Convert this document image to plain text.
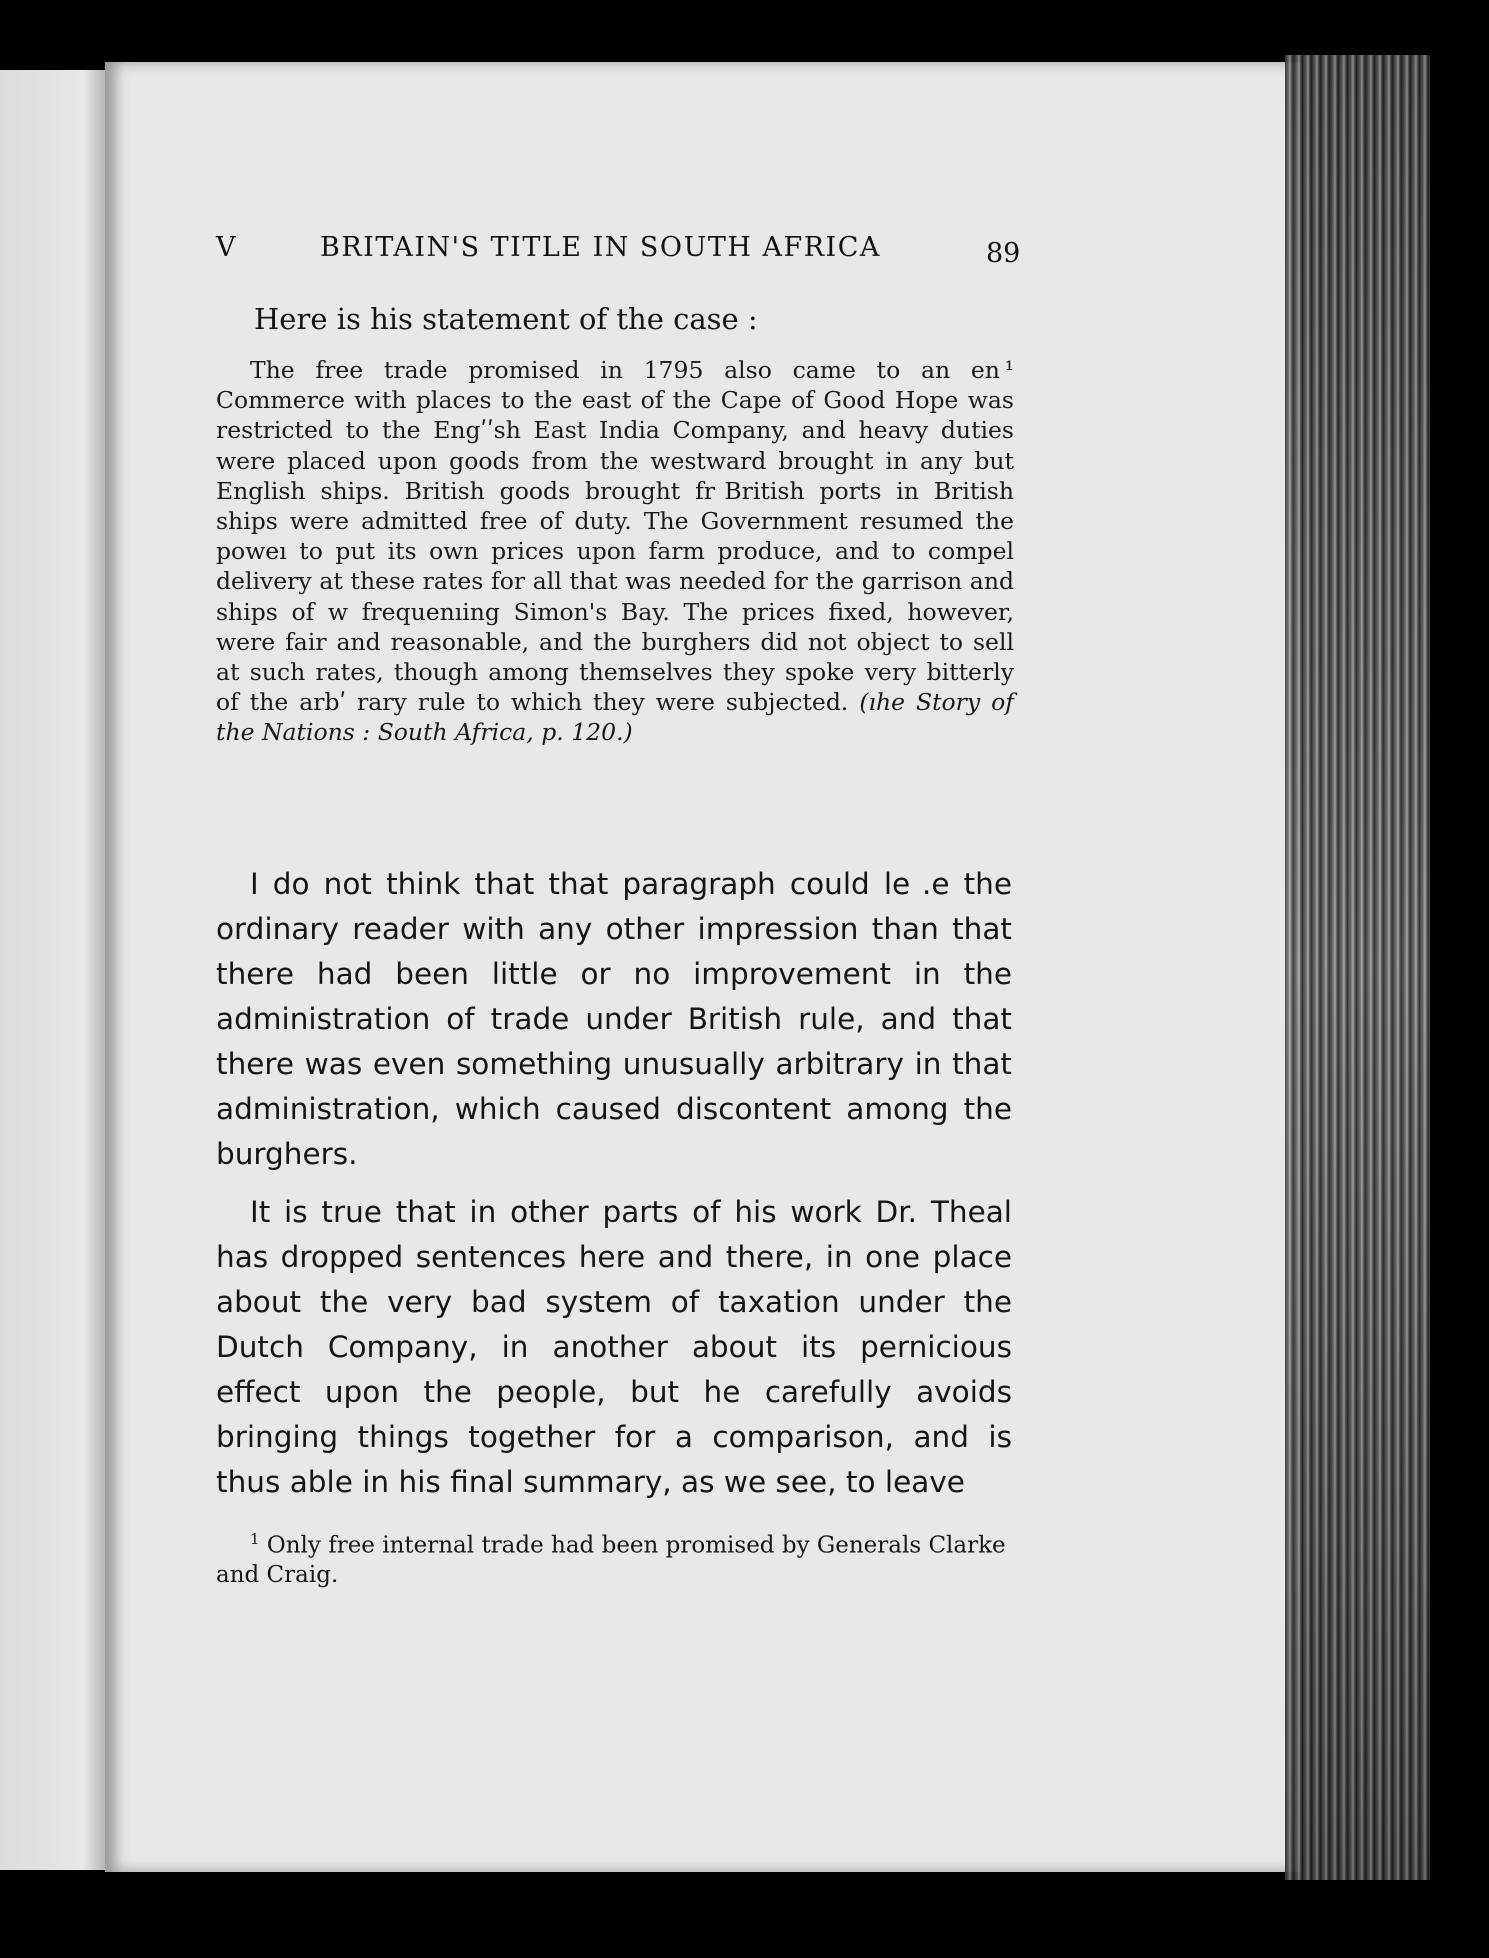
V	BRITAIN'S TITLE IN SOUTH AFRICA	89
Here is his statement of the case :
The free trade promised in 1795 also came to an en ¹ Commerce with places to the east of the Cape of Good Hope was restricted to the Engʹʹsh East India Company, and heavy duties were placed upon goods from the westward brought in any but English ships. British goods brought fr  British ports in British ships were admitted free of duty. The Government resumed the poweı to put its own prices upon farm produce, and to compel delivery at these rates for all that was needed for the garrison and ships of w frequenıing Simon's Bay. The prices fixed, however, were fair and reasonable, and the burghers did not object to sell at such rates, though among themselves they spoke very bitterly of the arbʹ rary rule to which they were subjected. (ıhe Story of the Nations : South Africa, p. 120.)
I do not think that that paragraph could le  .e the ordinary reader with any other impression than that there had been little or no improvement in the administration of trade under British rule, and that there was even something unusually arbitrary in that administration, which caused discontent among the burghers.
It is true that in other parts of his work Dr. Theal has dropped sentences here and there, in one place about the very bad system of taxation under the Dutch Company, in another about its pernicious effect upon the people, but he carefully avoids bringing things together for a comparison, and is thus able in his final summary, as we see, to leave
$^1$ Only free internal trade had been promised by Generals Clarke and Craig.
